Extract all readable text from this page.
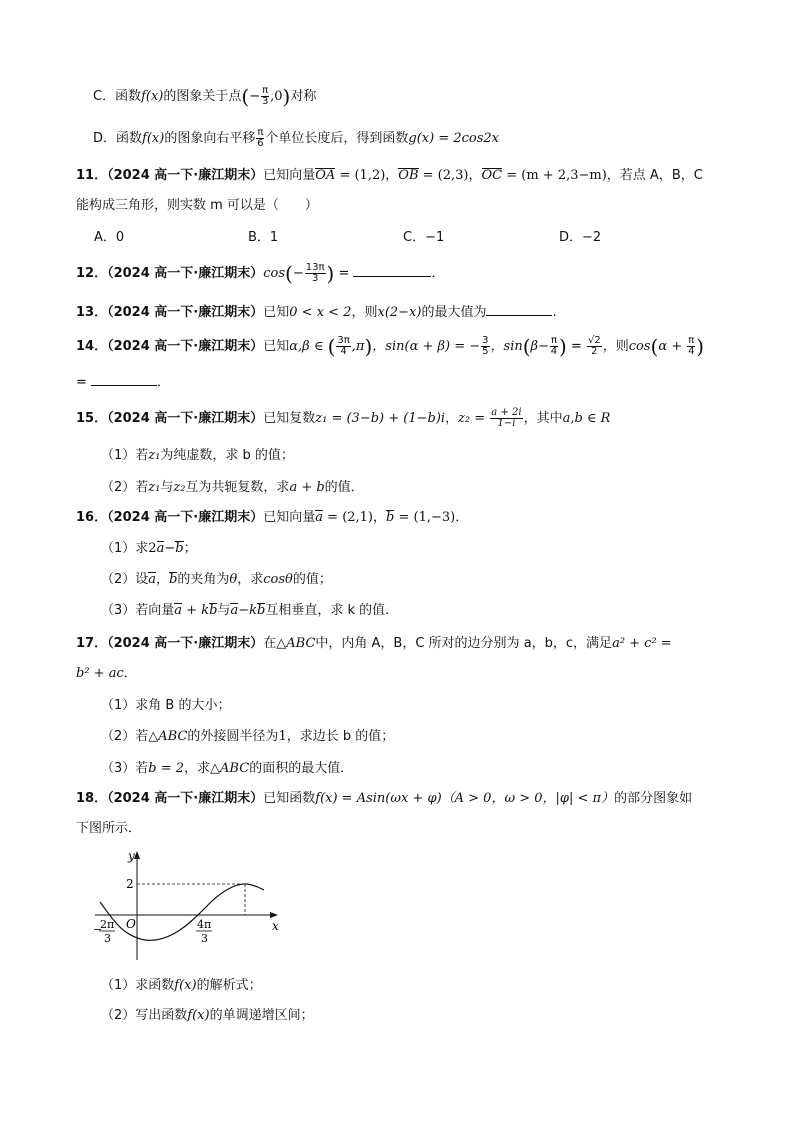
C．函数f(x)的图象关于点(− $\frac{\pi}{3} ,0$)对称
D．函数f(x)的图象向右平移 $\frac{\pi}{6}$ 个单位长度后，得到函数g(x) = 2cos2x
11．（2024 高一下·廉江期末）已知向量OA = (1,2)，OB = (2,3)，OC = (m + 2,3−m)，若点 A，B，C
能构成三角形，则实数 m 可以是（　　）
A．0	B．1	C．−1	D．−2
12．（2024 高一下·廉江期末）$\cos(- \frac{13\pi}{3}$ ) =	．
13．（2024 高一下·廉江期末）已知0 < x < 2，则x(2−x)的最大值为	.
14．（2024 高一下·廉江期末）已知α,β ∈ ( $\frac{3\pi}{4} ,\pi$)，sin(α + β) = − $\frac{3}{5}$ ，$\sin(\beta- \frac{\pi}{4}$ ) = $\frac{√2}{2}$ ，则$\cos(\alpha + \frac{\pi}{4}$ )
=	．
15．（2024 高一下·廉江期末）已知复数z₁ = (3−b) + (1−b)i，$z_2 = \frac{a + 2i}{1-i}$ ，其中a,b ∈ R
（1）若z₁为纯虚数，求 b 的值；
（2）若z₁与z₂互为共轭复数，求a + b的值．
16．（2024 高一下·廉江期末）已知向量a = (2,1)，b = (1,−3)．
（1）求2a−b；
（2）设a，b的夹角为θ，求cosθ的值；
（3）若向量a + kb与a−kb互相垂直，求 k 的值．
17．（2024 高一下·廉江期末）在△ABC中，内角 A，B，C 所对的边分别为 a，b，c，满足a² + c² =
b² + ac．
（1）求角 B 的大小；
（2）若△ABC的外接圆半径为1，求边长 b 的值；
（3）若b = 2，求△ABC的面积的最大值．
18．（2024 高一下·廉江期末）已知函数f(x) = Asin(ωx + φ)（A > 0，ω > 0，|φ| < π）的部分图象如
下图所示．
y
x
O
2
−
2π
3
4π
3
（1）求函数f(x)的解析式；
（2）写出函数f(x)的单调递增区间；
